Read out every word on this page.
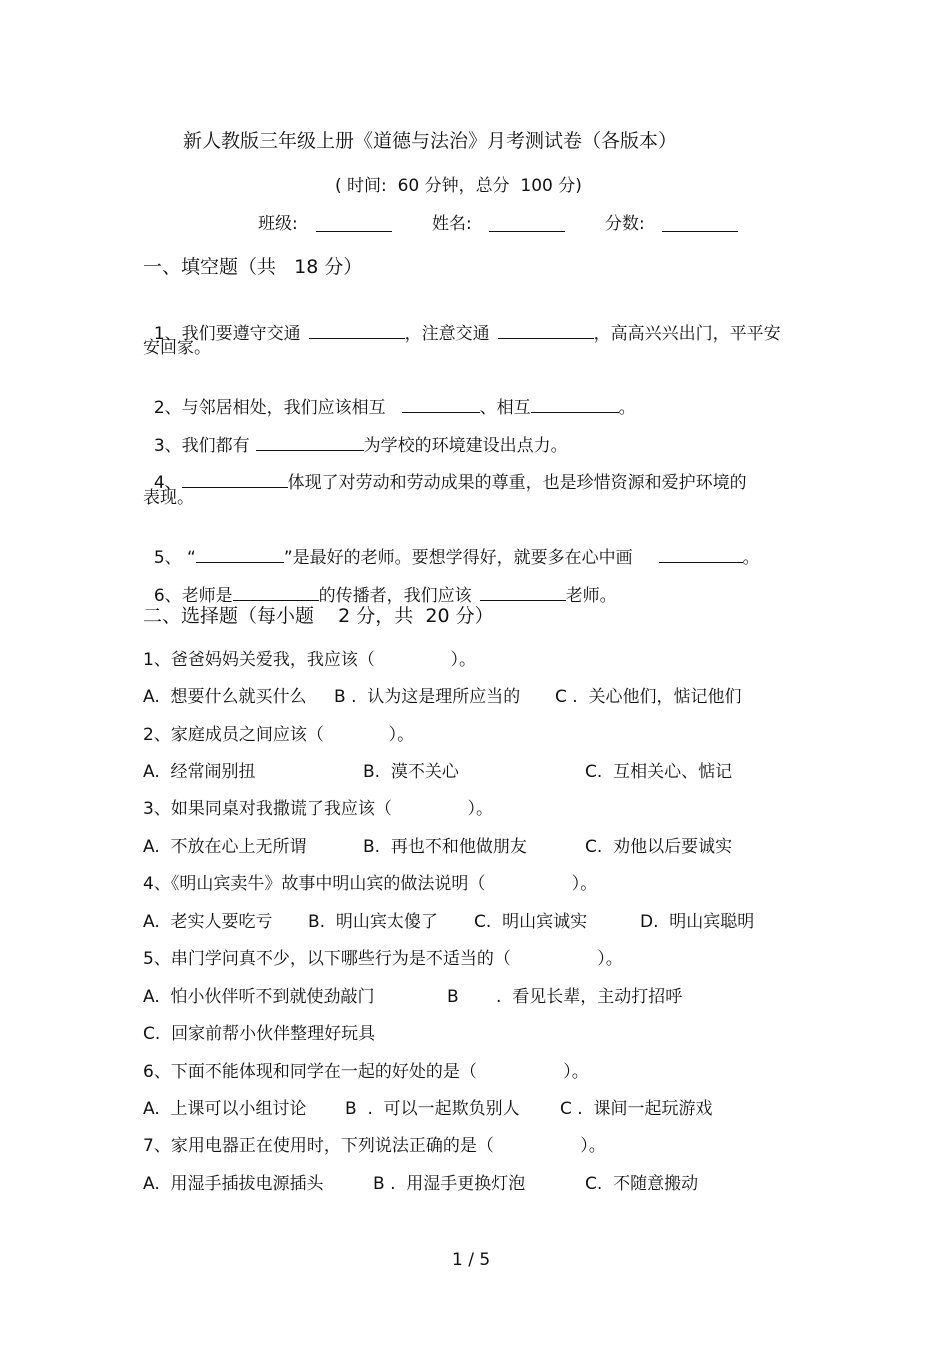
新人教版三年级上册《道德与法治》月考测试卷（各版本）
( 时间:  60 分钟，总分  100 分)
班级:	姓名:	分数:
一、填空题（共   18 分）

1、我们要遵守交通	，注意交通	，高高兴兴出门，平平安

安回家。

2、与邻居相处，我们应该相互	、相互	。

3、我们都有	为学校的环境建设出点力。

4、	体现了对劳动和劳动成果的尊重，也是珍惜资源和爱护环境的

表现。

5、 “	”是最好的老师。要想学得好，就要多在心中画	。

6、老师是	的传播者，我们应该	老师。

二、选择题（每小题    2 分，共  20 分）
1、爸爸妈妈关爱我，我应该（              ）。
A.  想要什么就买什么 B .  认为这是理所应当的 C .  关心他们，惦记他们
2、家庭成员之间应该（            ）。
A.  经常闹别扭	B.  漠不关心	C.  互相关心、惦记
3、如果同桌对我撒谎了我应该（              ）。
A.  不放在心上无所谓	B.  再也不和他做朋友	C.  劝他以后要诚实
4、《明山宾卖牛》故事中明山宾的做法说明（                ）。
A.  老实人要吃亏 B.  明山宾太傻了 C.  明山宾诚实	D.  明山宾聪明
5、串门学问真不少，以下哪些行为是不适当的（                ）。
A.  怕小伙伴听不到就使劲敲门	B .  看见长辈，主动打招呼
C.  回家前帮小伙伴整理好玩具
6、下面不能体现和同学在一起的好处的是（                ）。
A.  上课可以小组讨论 B  .  可以一起欺负别人 C .  课间一起玩游戏
7、家用电器正在使用时，下列说法正确的是（                ）。
A.  用湿手插拔电源插头	B .  用湿手更换灯泡	C.  不随意搬动
1 / 5
